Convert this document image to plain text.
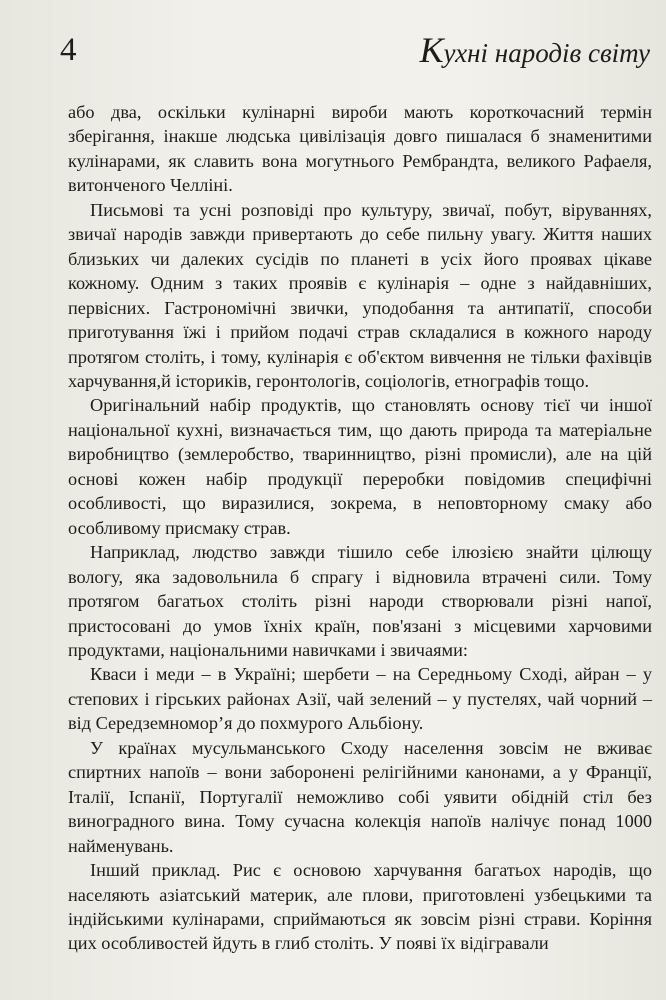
4	Кухні народів світу

або два, оскільки кулінарні вироби мають короткочасний термін зберігання, інакше людська цивілізація довго пишалася б знаменитими кулінарами, як славить вона могутнього Рембрандта, великого Рафаеля, витонченого Челліні.

Письмові та усні розповіді про культуру, звичаї, побут, віруваннях, звичаї народів завжди привертають до себе пильну увагу. Життя наших близьких чи далеких сусідів по планеті в усіх його проявах цікаве кожному. Одним з таких проявів є кулінарія – одне з найдавніших, первісних. Гастрономічні звички, уподобання та антипатії, способи приготування їжі і прийом подачі страв складалися в кожного народу протягом століть, і тому, кулінарія є об'єктом вивчення не тільки фахівців харчування,й істориків, геронтологів, соціологів, етнографів тощо.

Оригінальний набір продуктів, що становлять основу тієї чи іншої національної кухні, визначається тим, що дають природа та матеріальне виробництво (землеробство, тваринництво, різні промисли), але на цій основі кожен набір продукції переробки повідомив специфічні особливості, що виразилися, зокрема, в неповторному смаку або особливому присмаку страв.

Наприклад, людство завжди тішило себе ілюзією знайти цілющу вологу, яка задовольнила б спрагу і відновила втрачені сили. Тому протягом багатьох століть різні народи створювали різні напої, пристосовані до умов їхніх країн, пов'язані з місцевими харчовими продуктами, національними навичками і звичаями:

Кваси і меди – в Україні; шербети – на Середньому Сході, айран – у степових і гірських районах Азії, чай зелений – у пустелях, чай чорний – від Середземномор’я до похмурого Альбіону.

У країнах мусульманського Сходу населення зовсім не вживає спиртних напоїв – вони заборонені релігійними канонами, а у Франції, Італії, Іспанії, Португалії неможливо собі уявити обідній стіл без виноградного вина. Тому сучасна колекція напоїв налічує понад 1000 найменувань.

Інший приклад. Рис є основою харчування багатьох народів, що населяють азіатський материк, але плови, приготовлені узбецькими та індійськими кулінарами, сприймаються як зовсім різні страви. Коріння цих особливостей йдуть в глиб століть. У появі їх відігравали
